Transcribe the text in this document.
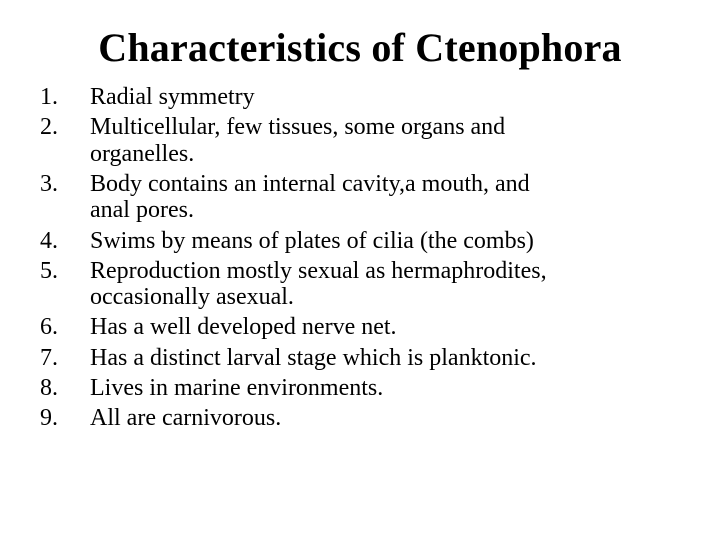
Characteristics of Ctenophora
1.	Radial symmetry
2.	Multicellular, few tissues, some organs and
organelles.
3.	Body contains an internal cavity,a mouth, and
anal pores.
4.	Swims by means of plates of cilia (the combs)
5.	Reproduction mostly sexual as hermaphrodites,
occasionally asexual.
6.	Has a well developed nerve net.
7.	Has a distinct larval stage which is planktonic.
8.	Lives in marine environments.
9.	All are carnivorous.
